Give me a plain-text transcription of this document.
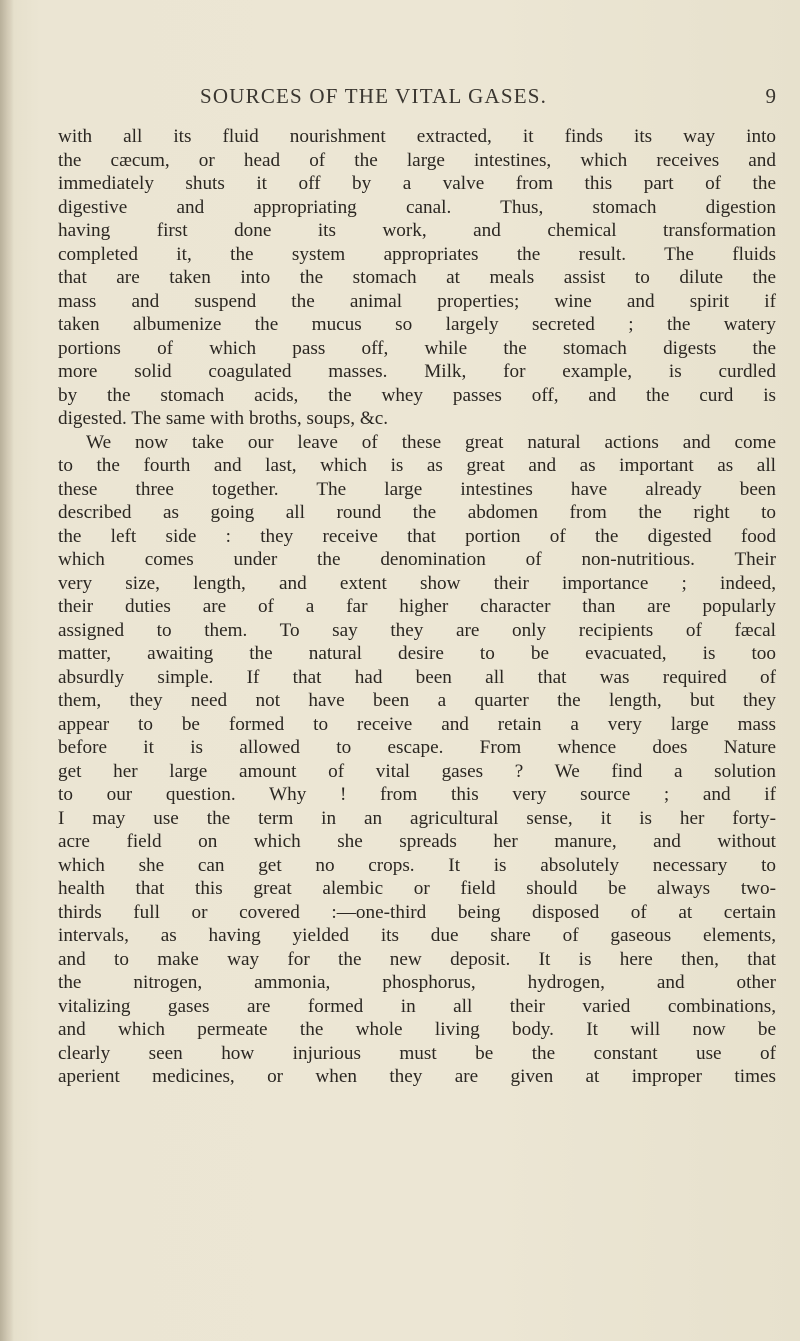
SOURCES OF THE VITAL GASES.	9
with all its fluid nourishment extracted, it finds its way into
the cæcum, or head of the large intestines, which receives and
immediately shuts it off by a valve from this part of the
digestive and appropriating canal. Thus, stomach digestion
having first done its work, and chemical transformation
completed it, the system appropriates the result. The fluids
that are taken into the stomach at meals assist to dilute the
mass and suspend the animal properties; wine and spirit if
taken albumenize the mucus so largely secreted ; the watery
portions of which pass off, while the stomach digests the
more solid coagulated masses. Milk, for example, is curdled
by the stomach acids, the whey passes off, and the curd is
digested. The same with broths, soups, &c.
We now take our leave of these great natural actions and come
to the fourth and last, which is as great and as important as all
these three together. The large intestines have already been
described as going all round the abdomen from the right to
the left side : they receive that portion of the digested food
which comes under the denomination of non-nutritious. Their
very size, length, and extent show their importance ; indeed,
their duties are of a far higher character than are popularly
assigned to them. To say they are only recipients of fæcal
matter, awaiting the natural desire to be evacuated, is too
absurdly simple. If that had been all that was required of
them, they need not have been a quarter the length, but they
appear to be formed to receive and retain a very large mass
before it is allowed to escape. From whence does Nature
get her large amount of vital gases ? We find a solution
to our question. Why ! from this very source ; and if
I may use the term in an agricultural sense, it is her forty-
acre field on which she spreads her manure, and without
which she can get no crops. It is absolutely necessary to
health that this great alembic or field should be always two-
thirds full or covered :—one-third being disposed of at certain
intervals, as having yielded its due share of gaseous elements,
and to make way for the new deposit. It is here then, that
the nitrogen, ammonia, phosphorus, hydrogen, and other
vitalizing gases are formed in all their varied combinations,
and which permeate the whole living body. It will now be
clearly seen how injurious must be the constant use of
aperient medicines, or when they are given at improper times
